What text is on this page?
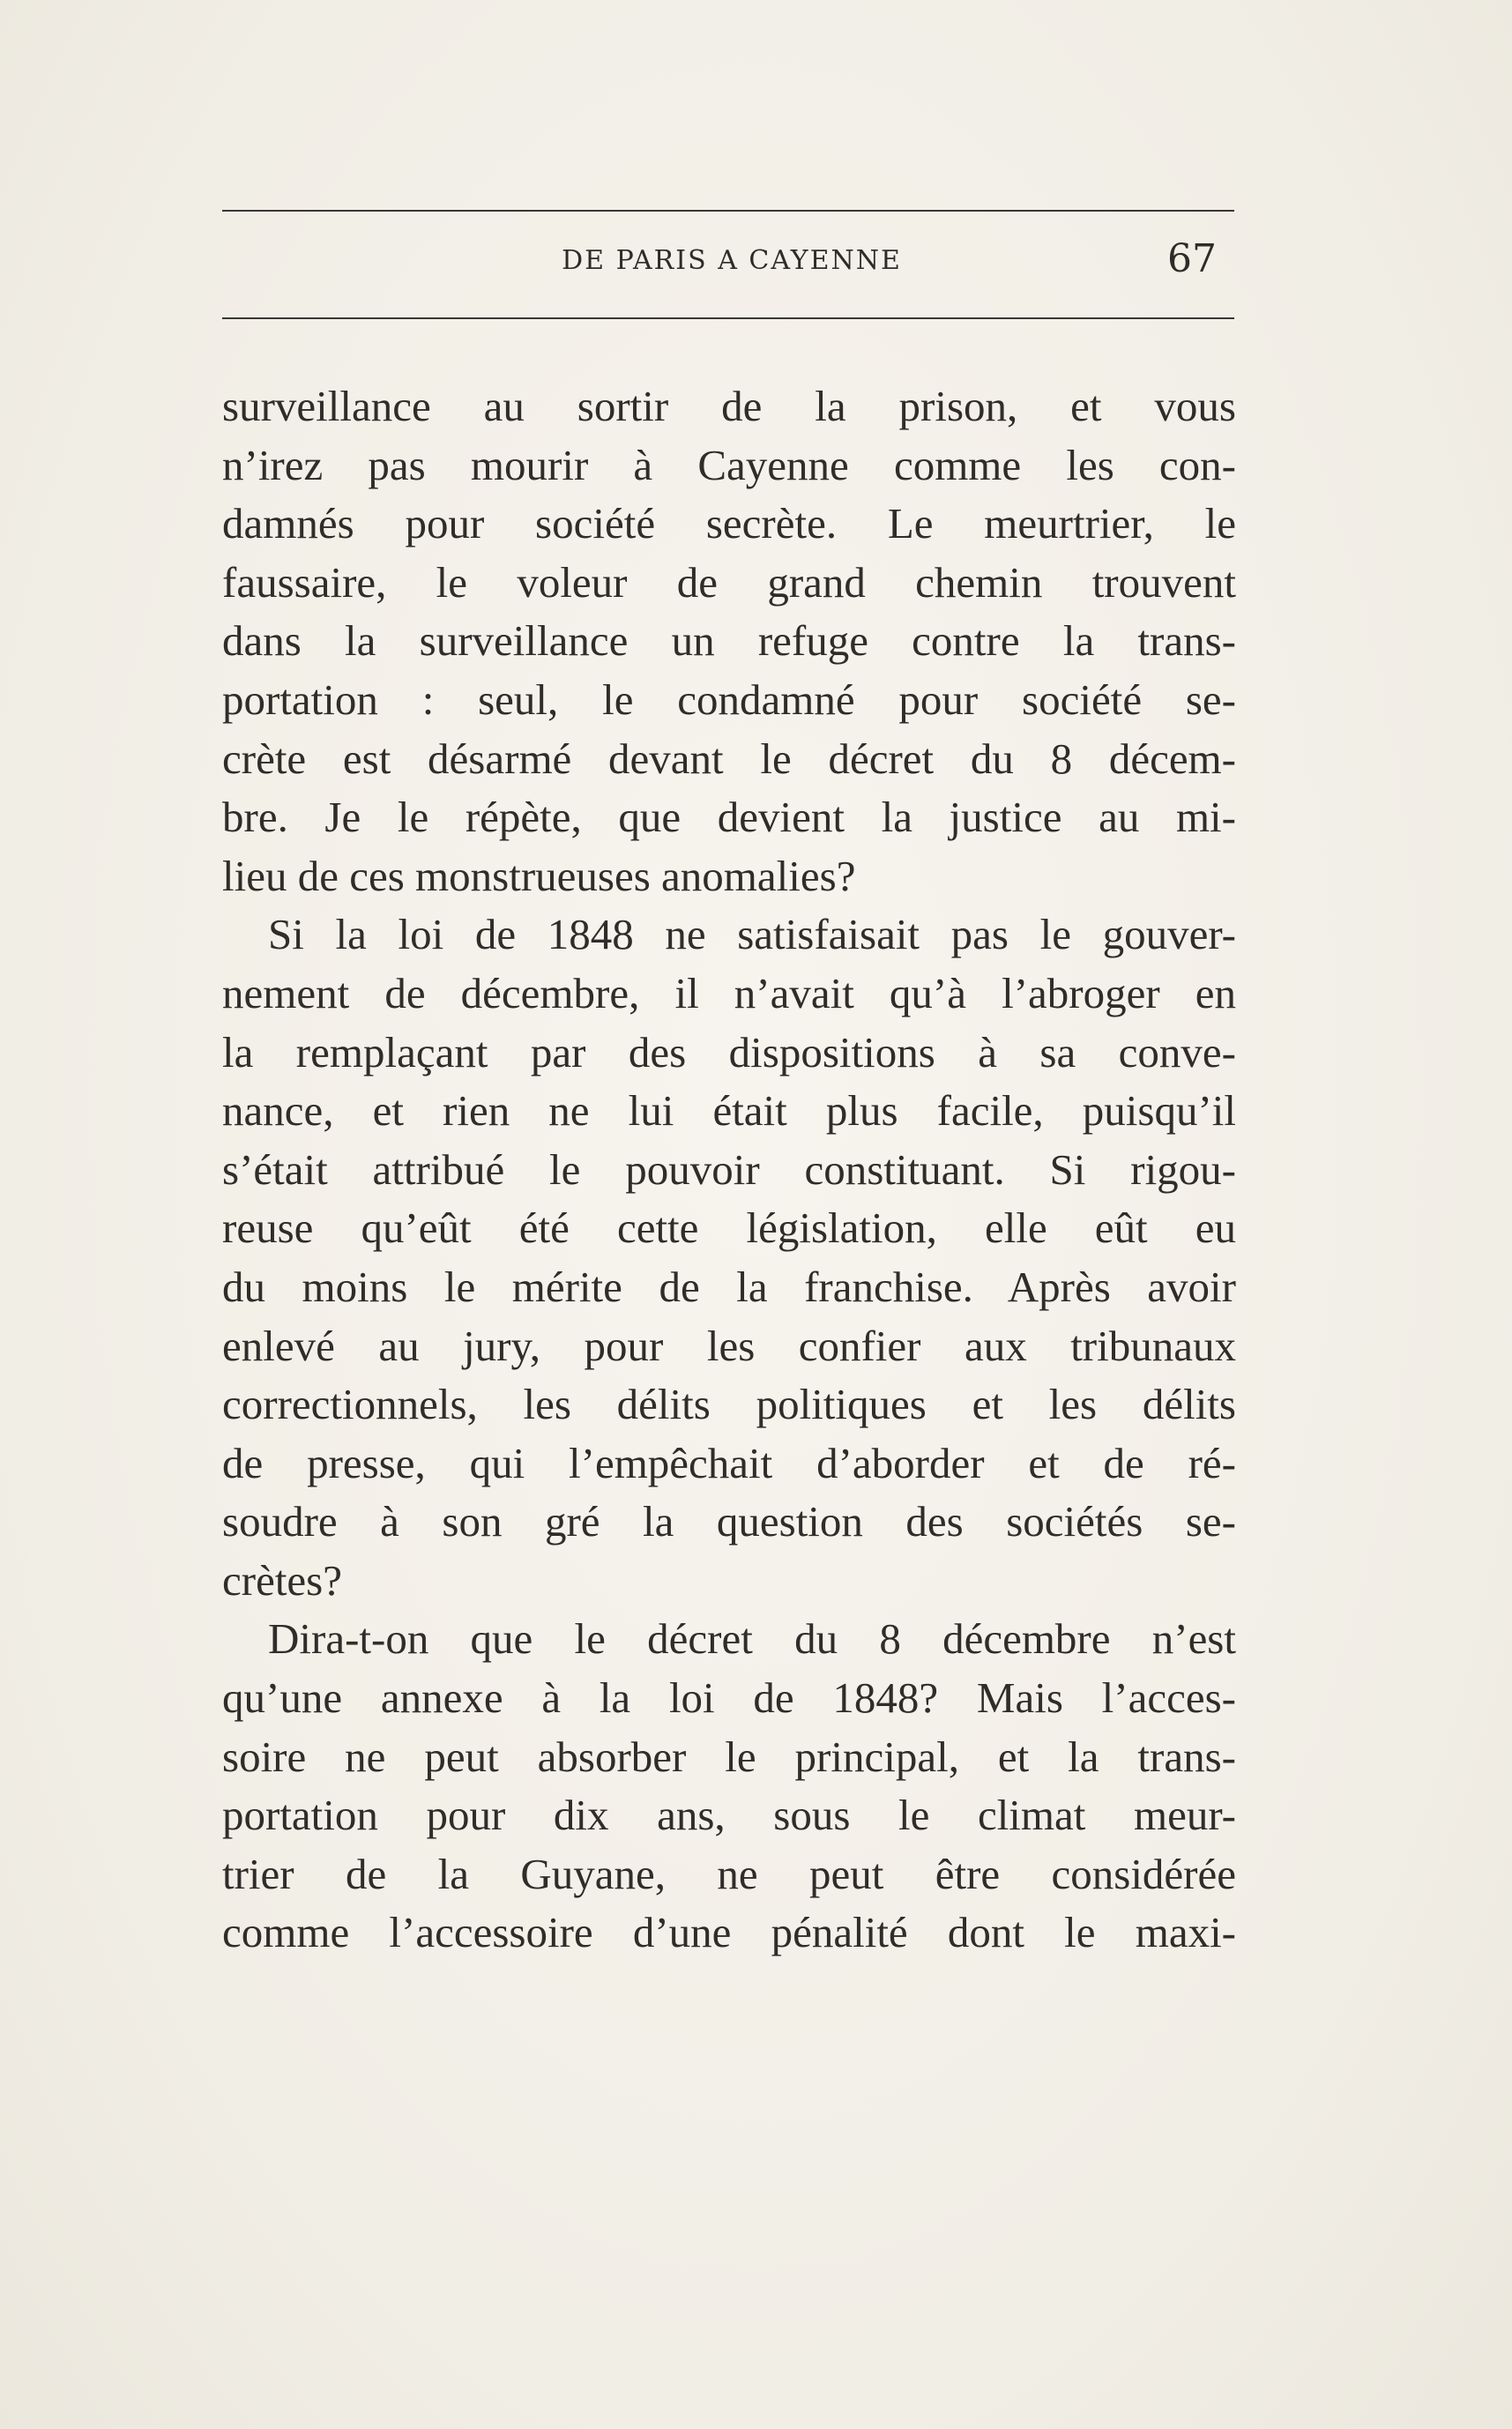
DE PARIS A CAYENNE	67
surveillance au sortir de la prison, et vous
n’irez pas mourir à Cayenne comme les con-
damnés pour société secrète. Le meurtrier, le
faussaire, le voleur de grand chemin trouvent
dans la surveillance un refuge contre la trans-
portation : seul, le condamné pour société se-
crète est désarmé devant le décret du 8 décem-
bre. Je le répète, que devient la justice au mi-
lieu de ces monstrueuses anomalies?
Si la loi de 1848 ne satisfaisait pas le gouver-
nement de décembre, il n’avait qu’à l’abroger en
la remplaçant par des dispositions à sa conve-
nance, et rien ne lui était plus facile, puisqu’il
s’était attribué le pouvoir constituant. Si rigou-
reuse qu’eût été cette législation, elle eût eu
du moins le mérite de la franchise. Après avoir
enlevé au jury, pour les confier aux tribunaux
correctionnels, les délits politiques et les délits
de presse, qui l’empêchait d’aborder et de ré-
soudre à son gré la question des sociétés se-
crètes?
Dira-t-on que le décret du 8 décembre n’est
qu’une annexe à la loi de 1848? Mais l’acces-
soire ne peut absorber le principal, et la trans-
portation pour dix ans, sous le climat meur-
trier de la Guyane, ne peut être considérée
comme l’accessoire d’une pénalité dont le maxi-
